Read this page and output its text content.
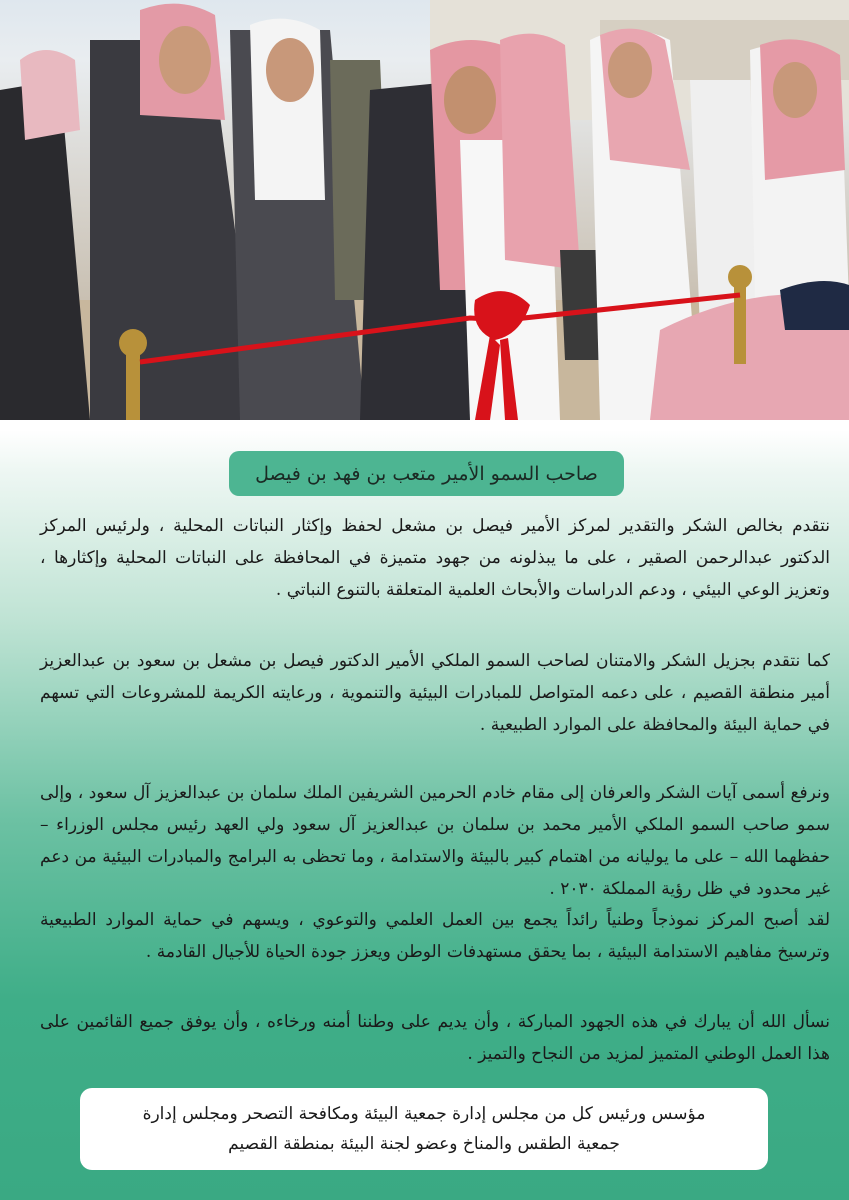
صاحب السمو الأمير متعب بن فهد بن فيصل
نتقدم بخالص الشكر والتقدير لمركز الأمير فيصل بن مشعل لحفظ وإكثار النباتات المحلية ، ولرئيس المركز الدكتور عبدالرحمن الصقير ، على ما يبذلونه من جهود متميزة في المحافظة على النباتات المحلية وإكثارها ، وتعزيز الوعي البيئي ، ودعم الدراسات والأبحاث العلمية المتعلقة بالتنوع النباتي .
كما نتقدم بجزيل الشكر والامتنان لصاحب السمو الملكي الأمير الدكتور فيصل بن مشعل بن سعود بن عبدالعزيز أمير منطقة القصيم ، على دعمه المتواصل للمبادرات البيئية والتنموية ، ورعايته الكريمة للمشروعات التي تسهم في حماية البيئة والمحافظة على الموارد الطبيعية .
ونرفع أسمى آيات الشكر والعرفان إلى مقام خادم الحرمين الشريفين الملك سلمان بن عبدالعزيز آل سعود ، وإلى سمو صاحب السمو الملكي الأمير محمد بن سلمان بن عبدالعزيز آل سعود ولي العهد رئيس مجلس الوزراء – حفظهما الله – على ما يوليانه من اهتمام كبير بالبيئة والاستدامة ، وما تحظى به البرامج والمبادرات البيئية من دعم غير محدود في ظل رؤية المملكة ٢٠٣٠ .
لقد أصبح المركز نموذجاً وطنياً رائداً يجمع بين العمل العلمي والتوعوي ، ويسهم في حماية الموارد الطبيعية وترسيخ مفاهيم الاستدامة البيئية ، بما يحقق مستهدفات الوطن ويعزز جودة الحياة للأجيال القادمة .
نسأل الله أن يبارك في هذه الجهود المباركة ، وأن يديم على وطننا أمنه ورخاءه ، وأن يوفق جميع القائمين على هذا العمل الوطني المتميز لمزيد من النجاح والتميز .
مؤسس ورئيس كل من مجلس إدارة جمعية البيئة ومكافحة التصحر ومجلس إدارة جمعية الطقس والمناخ وعضو لجنة البيئة بمنطقة القصيم
